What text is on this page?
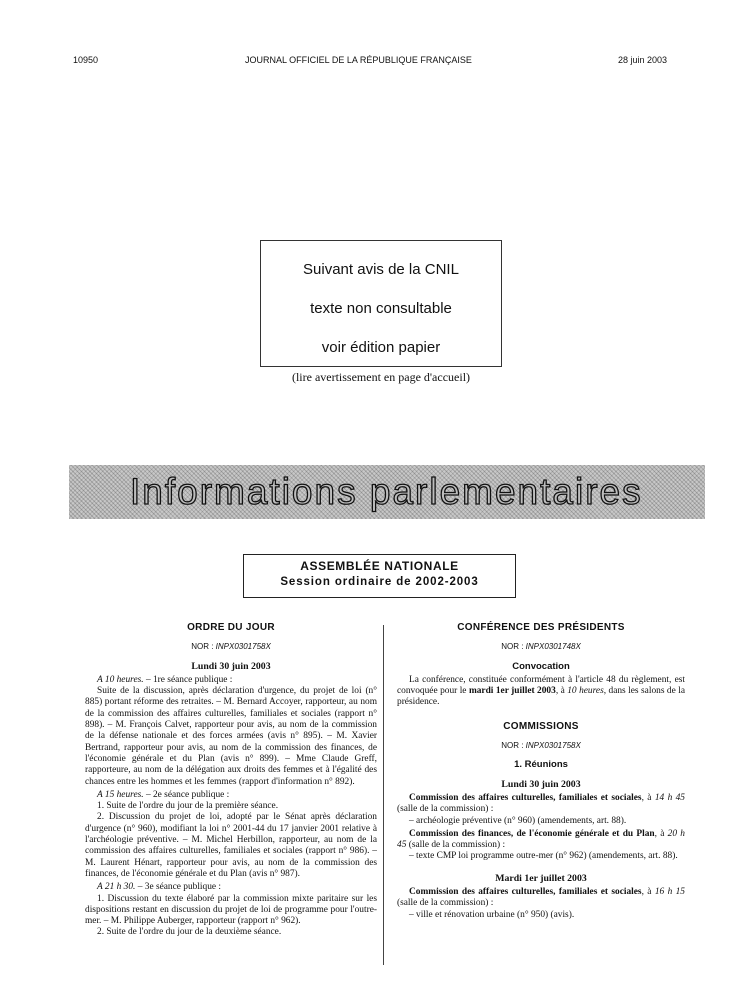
10950	JOURNAL OFFICIEL DE LA RÉPUBLIQUE FRANÇAISE	28 juin 2003
Suivant avis de la CNIL
texte non consultable
voir édition papier
(lire avertissement en page d'accueil)
Informations parlementaires
ASSEMBLÉE NATIONALE
Session ordinaire de 2002-2003
ORDRE DU JOUR
NOR : INPX0301758X
Lundi 30 juin 2003
A 10 heures. – 1re séance publique :
Suite de la discussion, après déclaration d'urgence, du projet de loi (n° 885) portant réforme des retraites. – M. Bernard Accoyer, rapporteur, au nom de la commission des affaires culturelles, familiales et sociales (rapport n° 898). – M. François Calvet, rapporteur pour avis, au nom de la commission de la défense nationale et des forces armées (avis n° 895). – M. Xavier Bertrand, rapporteur pour avis, au nom de la commission des finances, de l'économie générale et du Plan (avis n° 899). – Mme Claude Greff, rapporteure, au nom de la délégation aux droits des femmes et à l'égalité des chances entre les hommes et les femmes (rapport d'information n° 892).
A 15 heures. – 2e séance publique :
1. Suite de l'ordre du jour de la première séance.
2. Discussion du projet de loi, adopté par le Sénat après déclaration d'urgence (n° 960), modifiant la loi n° 2001-44 du 17 janvier 2001 relative à l'archéologie préventive. – M. Michel Herbillon, rapporteur, au nom de la commission des affaires culturelles, familiales et sociales (rapport n° 986). – M. Laurent Hénart, rapporteur pour avis, au nom de la commission des finances, de l'économie générale et du Plan (avis n° 987).
A 21 h 30. – 3e séance publique :
1. Discussion du texte élaboré par la commission mixte paritaire sur les dispositions restant en discussion du projet de loi de programme pour l'outre-mer. – M. Philippe Auberger, rapporteur (rapport n° 962).
2. Suite de l'ordre du jour de la deuxième séance.
CONFÉRENCE DES PRÉSIDENTS
NOR : INPX0301748X
Convocation
La conférence, constituée conformément à l'article 48 du règlement, est convoquée pour le mardi 1er juillet 2003, à 10 heures, dans les salons de la présidence.
COMMISSIONS
NOR : INPX0301758X
1. Réunions
Lundi 30 juin 2003
Commission des affaires culturelles, familiales et sociales, à 14 h 45 (salle de la commission) :
– archéologie préventive (n° 960) (amendements, art. 88).
Commission des finances, de l'économie générale et du Plan, à 20 h 45 (salle de la commission) :
– texte CMP loi programme outre-mer (n° 962) (amendements, art. 88).
Mardi 1er juillet 2003
Commission des affaires culturelles, familiales et sociales, à 16 h 15 (salle de la commission) :
– ville et rénovation urbaine (n° 950) (avis).
